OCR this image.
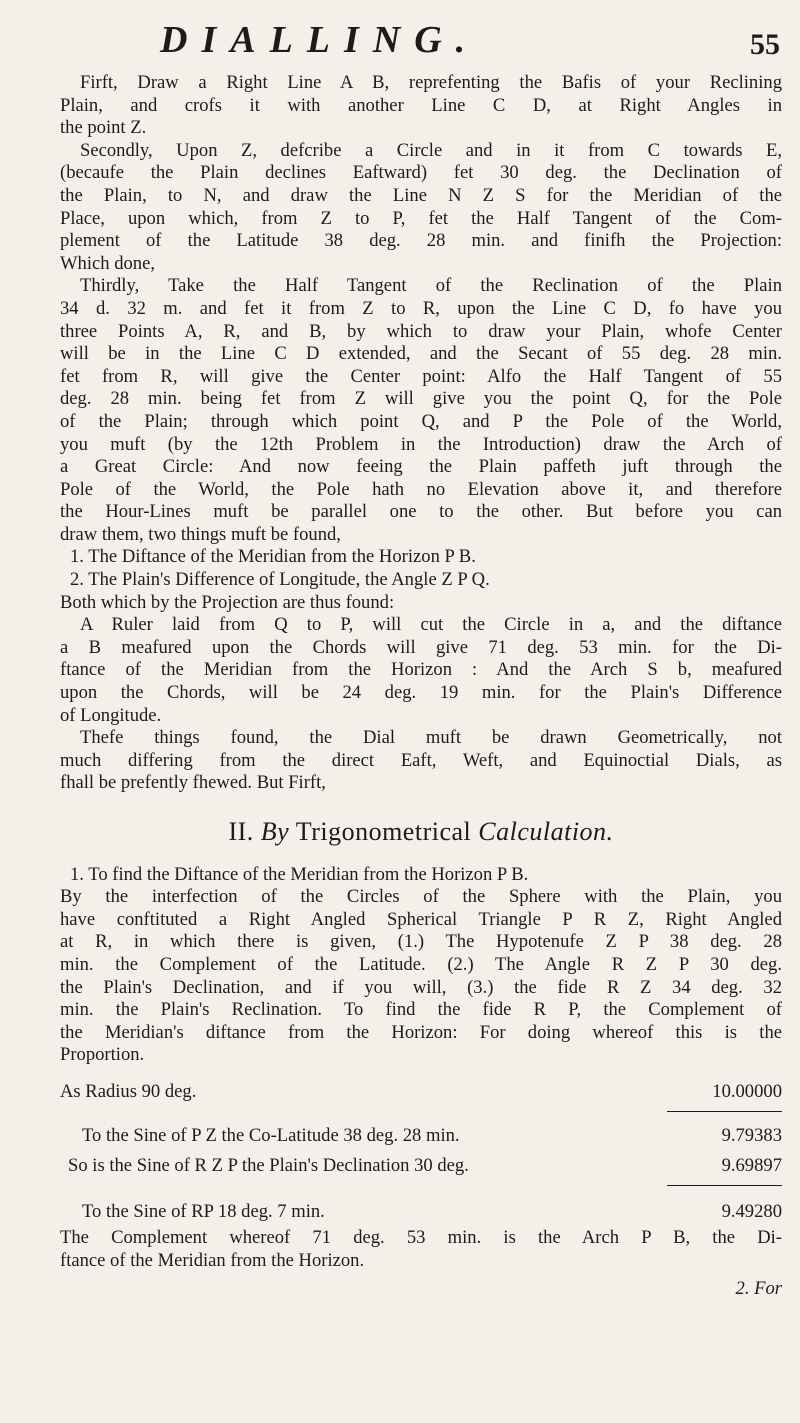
DIALLING.	55

Firft, Draw a Right Line A B, reprefenting the Bafis of your Reclining
Plain, and crofs it with another Line C D, at Right Angles in
the point Z.

Secondly, Upon Z, defcribe a Circle and in it from C towards E,
(becaufe the Plain declines Eaftward) fet 30 deg. the Declination of
the Plain, to N, and draw the Line N Z S for the Meridian of the
Place, upon which, from Z to P, fet the Half Tangent of the Com-
plement of the Latitude 38 deg. 28 min. and finifh the Projection:
Which done,

Thirdly, Take the Half Tangent of the Reclination of the Plain
34 d. 32 m. and fet it from Z to R, upon the Line C D, fo have you
three Points A, R, and B, by which to draw your Plain, whofe Center
will be in the Line C D extended, and the Secant of 55 deg. 28 min.
fet from R, will give the Center point: Alfo the Half Tangent of 55
deg. 28 min. being fet from Z will give you the point Q, for the Pole
of the Plain; through which point Q, and P the Pole of the World,
you muft (by the 12th Problem in the Introduction) draw the Arch of
a Great Circle: And now feeing the Plain paffeth juft through the
Pole of the World, the Pole hath no Elevation above it, and therefore
the Hour-Lines muft be parallel one to the other. But before you can
draw them, two things muft be found,

1. The Diftance of the Meridian from the Horizon P B.
2. The Plain's Difference of Longitude, the Angle Z P Q.

Both which by the Projection are thus found:
A Ruler laid from Q to P, will cut the Circle in a, and the diftance
a B meafured upon the Chords will give 71 deg. 53 min. for the Di-
ftance of the Meridian from the Horizon : And the Arch S b, meafured
upon the Chords, will be 24 deg. 19 min. for the Plain's Difference
of Longitude.

Thefe things found, the Dial muft be drawn Geometrically, not
much differing from the direct Eaft, Weft, and Equinoctial Dials, as
fhall be prefently fhewed. But Firft,

II. By Trigonometrical Calculation.

1. To find the Diftance of the Meridian from the Horizon P B.
By the interfection of the Circles of the Sphere with the Plain, you
have conftituted a Right Angled Spherical Triangle P R Z, Right Angled
at R, in which there is given, (1.) The Hypotenufe Z P 38 deg. 28
min. the Complement of the Latitude. (2.) The Angle R Z P 30 deg.
the Plain's Declination, and if you will, (3.) the fide R Z 34 deg. 32
min. the Plain's Reclination. To find the fide R P, the Complement of
the Meridian's diftance from the Horizon: For doing whereof this is the
Proportion.

As Radius 90 deg.	10.00000
To the Sine of P Z the Co-Latitude 38 deg. 28 min.	9.79383
So is the Sine of R Z P the Plain's Declination 30 deg.	9.69897
To the Sine of RP 18 deg. 7 min.	9.49280

The Complement whereof 71 deg. 53 min. is the Arch P B, the Di-
ftance of the Meridian from the Horizon.

2. For
